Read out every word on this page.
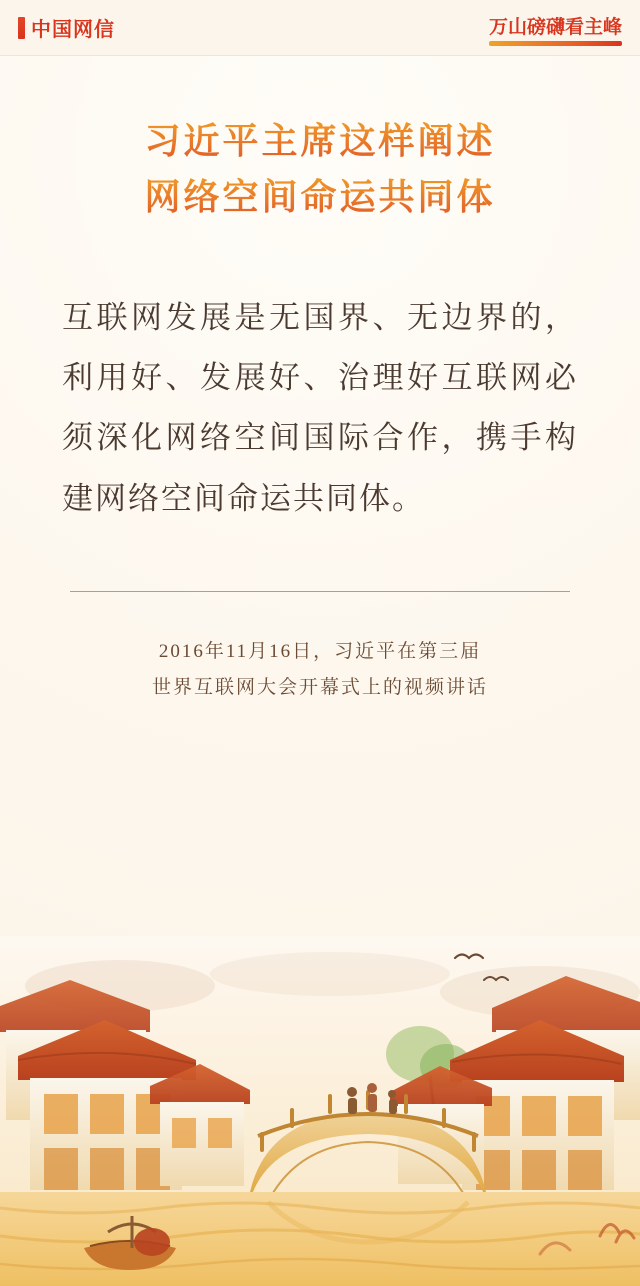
中国网信	万山磅礴看主峰
习近平主席这样阐述
网络空间命运共同体
互联网发展是无国界、无边界的，利用好、发展好、治理好互联网必须深化网络空间国际合作，携手构建网络空间命运共同体。
2016年11月16日，习近平在第三届
世界互联网大会开幕式上的视频讲话
